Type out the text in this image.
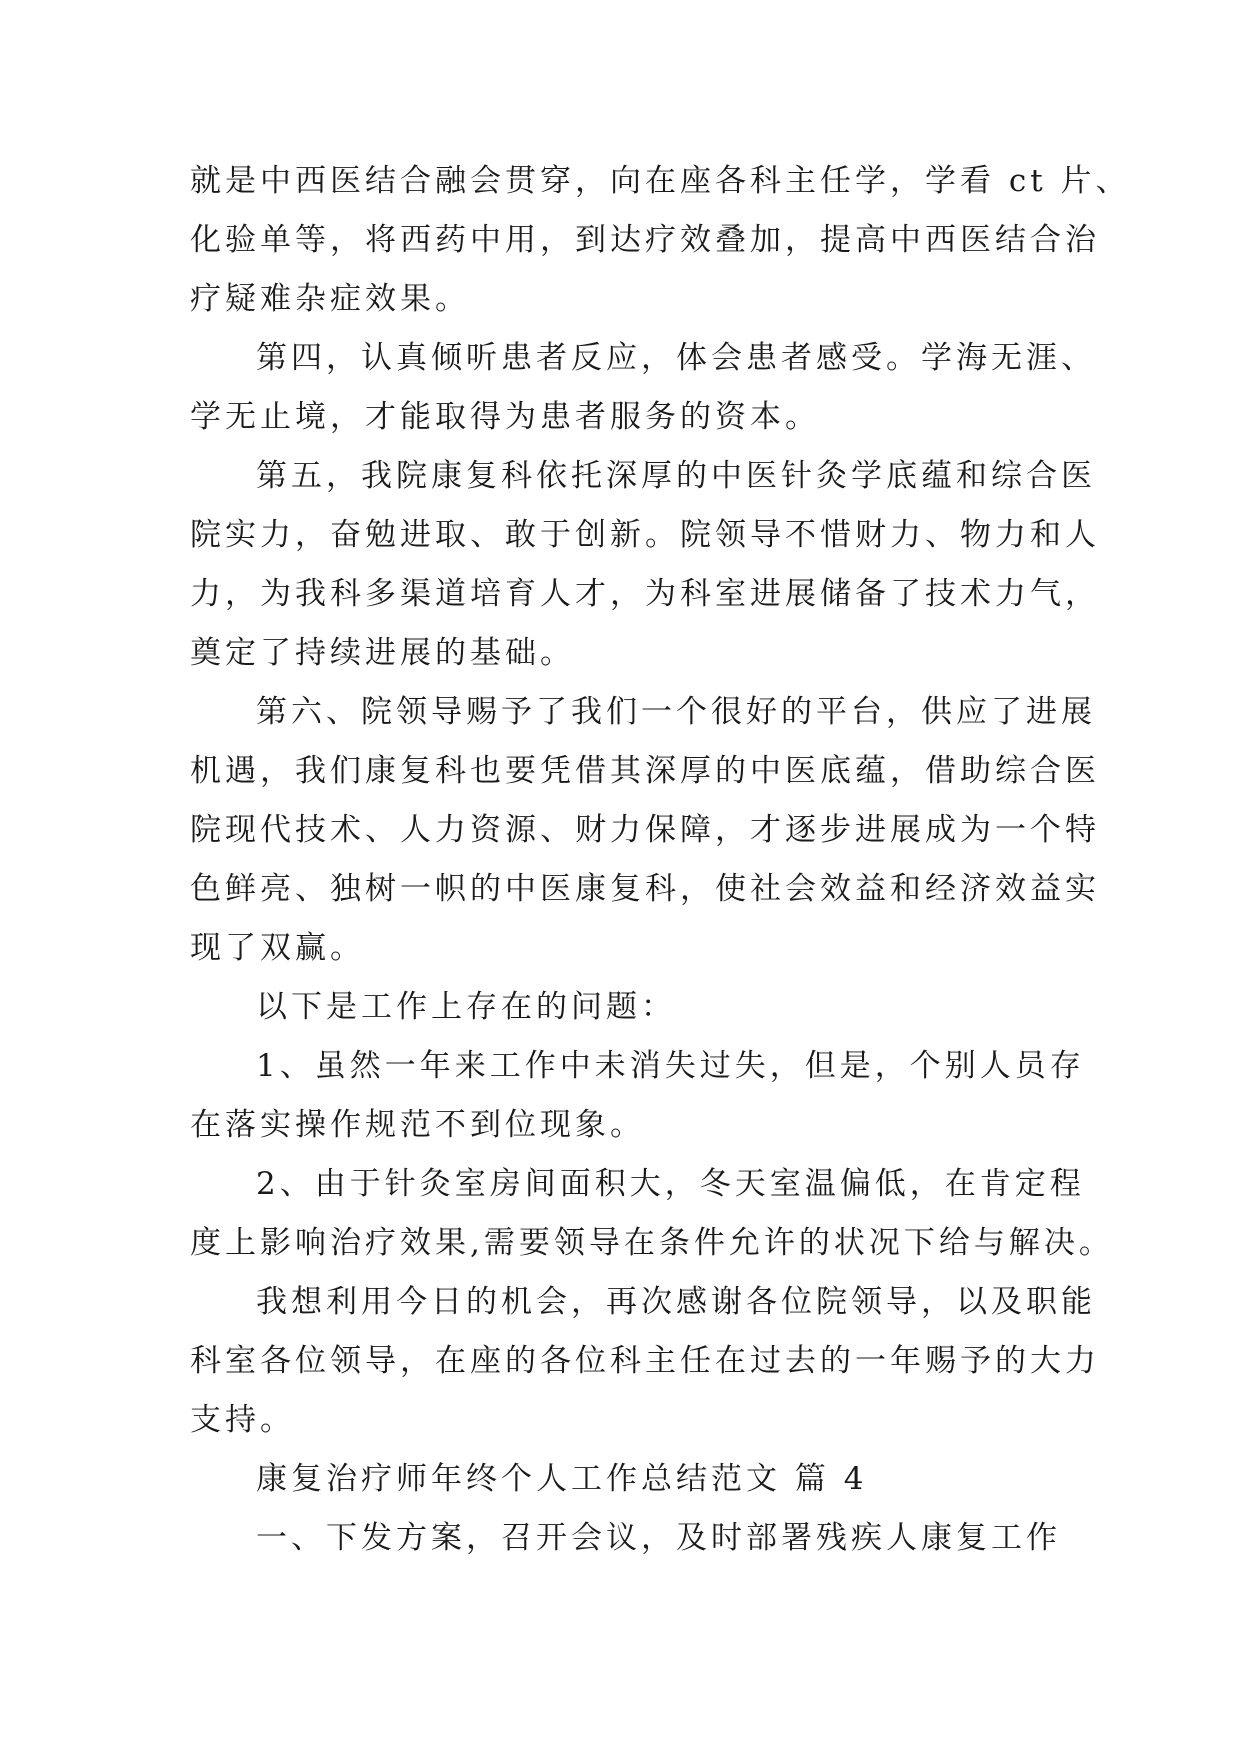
就是中西医结合融会贯穿，向在座各科主任学，学看 ct 片、
化验单等，将西药中用，到达疗效叠加，提高中西医结合治
疗疑难杂症效果。
第四，认真倾听患者反应，体会患者感受。学海无涯、
学无止境，才能取得为患者服务的资本。
第五，我院康复科依托深厚的中医针灸学底蕴和综合医
院实力，奋勉进取、敢于创新。院领导不惜财力、物力和人
力，为我科多渠道培育人才，为科室进展储备了技术力气，
奠定了持续进展的基础。
第六、院领导赐予了我们一个很好的平台，供应了进展
机遇，我们康复科也要凭借其深厚的中医底蕴，借助综合医
院现代技术、人力资源、财力保障，才逐步进展成为一个特
色鲜亮、独树一帜的中医康复科，使社会效益和经济效益实
现了双赢。
以下是工作上存在的问题：
1、虽然一年来工作中未消失过失，但是，个别人员存
在落实操作规范不到位现象。
2、由于针灸室房间面积大，冬天室温偏低，在肯定程
度上影响治疗效果,需要领导在条件允许的状况下给与解决。
我想利用今日的机会，再次感谢各位院领导，以及职能
科室各位领导，在座的各位科主任在过去的一年赐予的大力
支持。
康复治疗师年终个人工作总结范文 篇 4
一、下发方案，召开会议，及时部署残疾人康复工作
